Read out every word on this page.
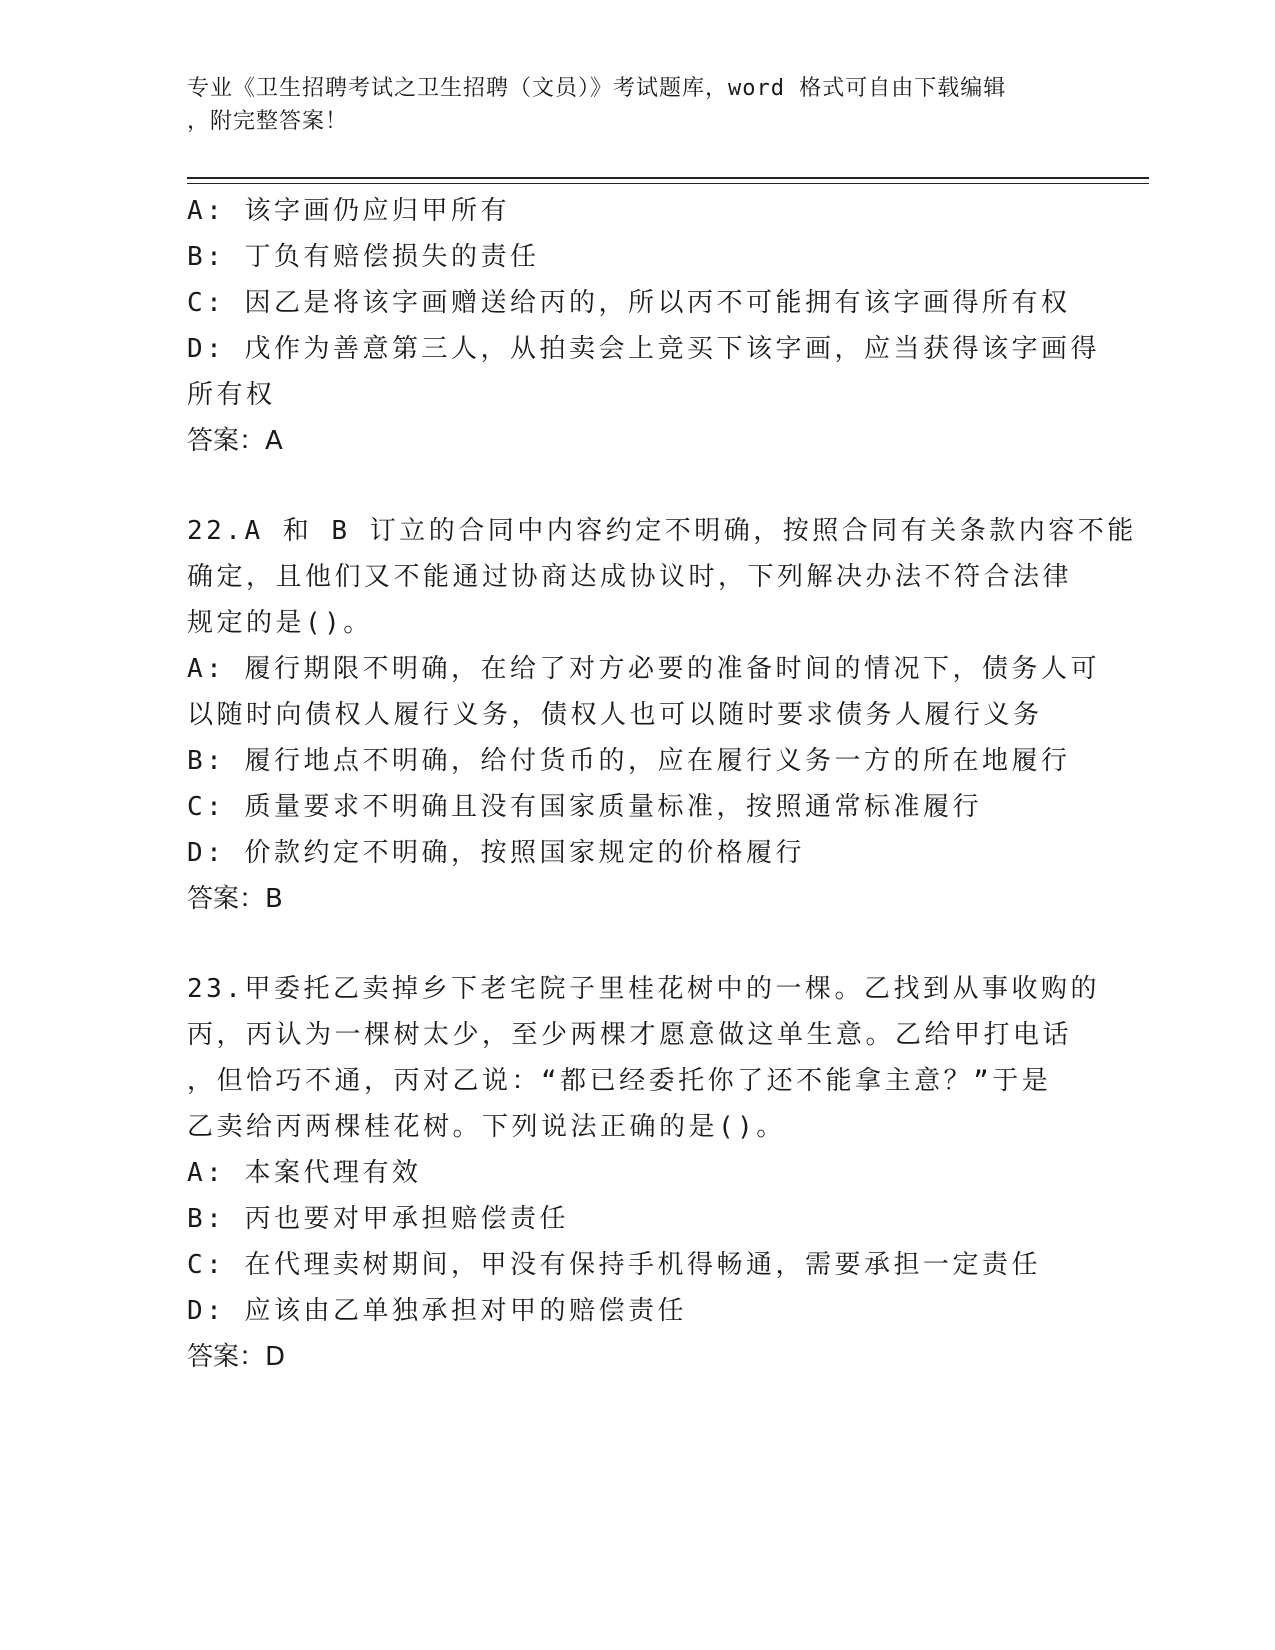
专业《卫生招聘考试之卫生招聘（文员）》考试题库，word 格式可自由下载编辑
，附完整答案！
A: 该字画仍应归甲所有
B: 丁负有赔偿损失的责任
C: 因乙是将该字画赠送给丙的，所以丙不可能拥有该字画得所有权
D: 戊作为善意第三人，从拍卖会上竞买下该字画，应当获得该字画得
所有权
答案：A
22.A 和 B 订立的合同中内容约定不明确，按照合同有关条款内容不能
确定，且他们又不能通过协商达成协议时，下列解决办法不符合法律
规定的是()。
A: 履行期限不明确，在给了对方必要的准备时间的情况下，债务人可
以随时向债权人履行义务，债权人也可以随时要求债务人履行义务
B: 履行地点不明确，给付货币的，应在履行义务一方的所在地履行
C: 质量要求不明确且没有国家质量标准，按照通常标准履行
D: 价款约定不明确，按照国家规定的价格履行
答案：B
23.甲委托乙卖掉乡下老宅院子里桂花树中的一棵。乙找到从事收购的
丙，丙认为一棵树太少，至少两棵才愿意做这单生意。乙给甲打电话
，但恰巧不通，丙对乙说：“都已经委托你了还不能拿主意？”于是
乙卖给丙两棵桂花树。下列说法正确的是()。
A: 本案代理有效
B: 丙也要对甲承担赔偿责任
C: 在代理卖树期间，甲没有保持手机得畅通，需要承担一定责任
D: 应该由乙单独承担对甲的赔偿责任
答案：D
